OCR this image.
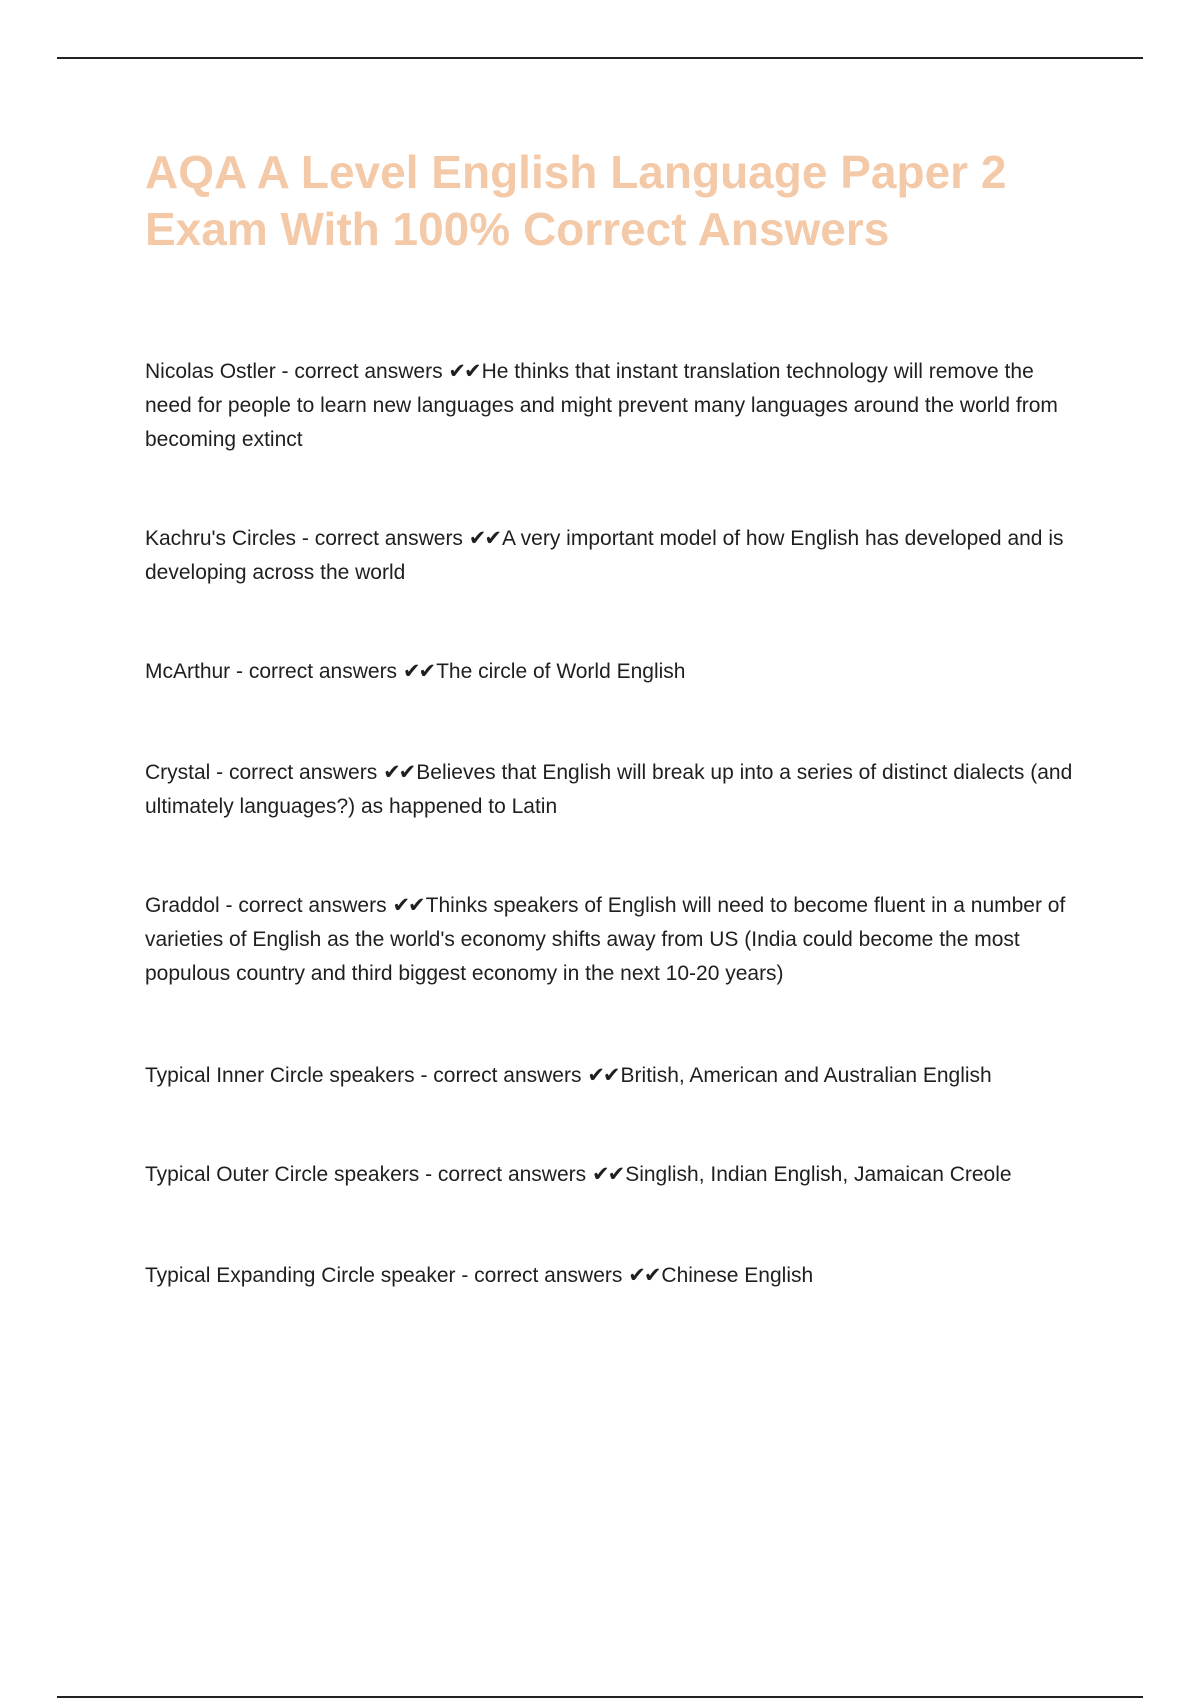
AQA A Level English Language Paper 2 Exam With 100% Correct Answers
Nicolas Ostler - correct answers ✔✔He thinks that instant translation technology will remove the need for people to learn new languages and might prevent many languages around the world from becoming extinct
Kachru's Circles - correct answers ✔✔A very important model of how English has developed and is developing across the world
McArthur - correct answers ✔✔The circle of World English
Crystal - correct answers ✔✔Believes that English will break up into a series of distinct dialects (and ultimately languages?) as happened to Latin
Graddol - correct answers ✔✔Thinks speakers of English will need to become fluent in a number of varieties of English as the world's economy shifts away from US (India could become the most populous country and third biggest economy in the next 10-20 years)
Typical Inner Circle speakers - correct answers ✔✔British, American and Australian English
Typical Outer Circle speakers - correct answers ✔✔Singlish, Indian English, Jamaican Creole
Typical Expanding Circle speaker - correct answers ✔✔Chinese English
